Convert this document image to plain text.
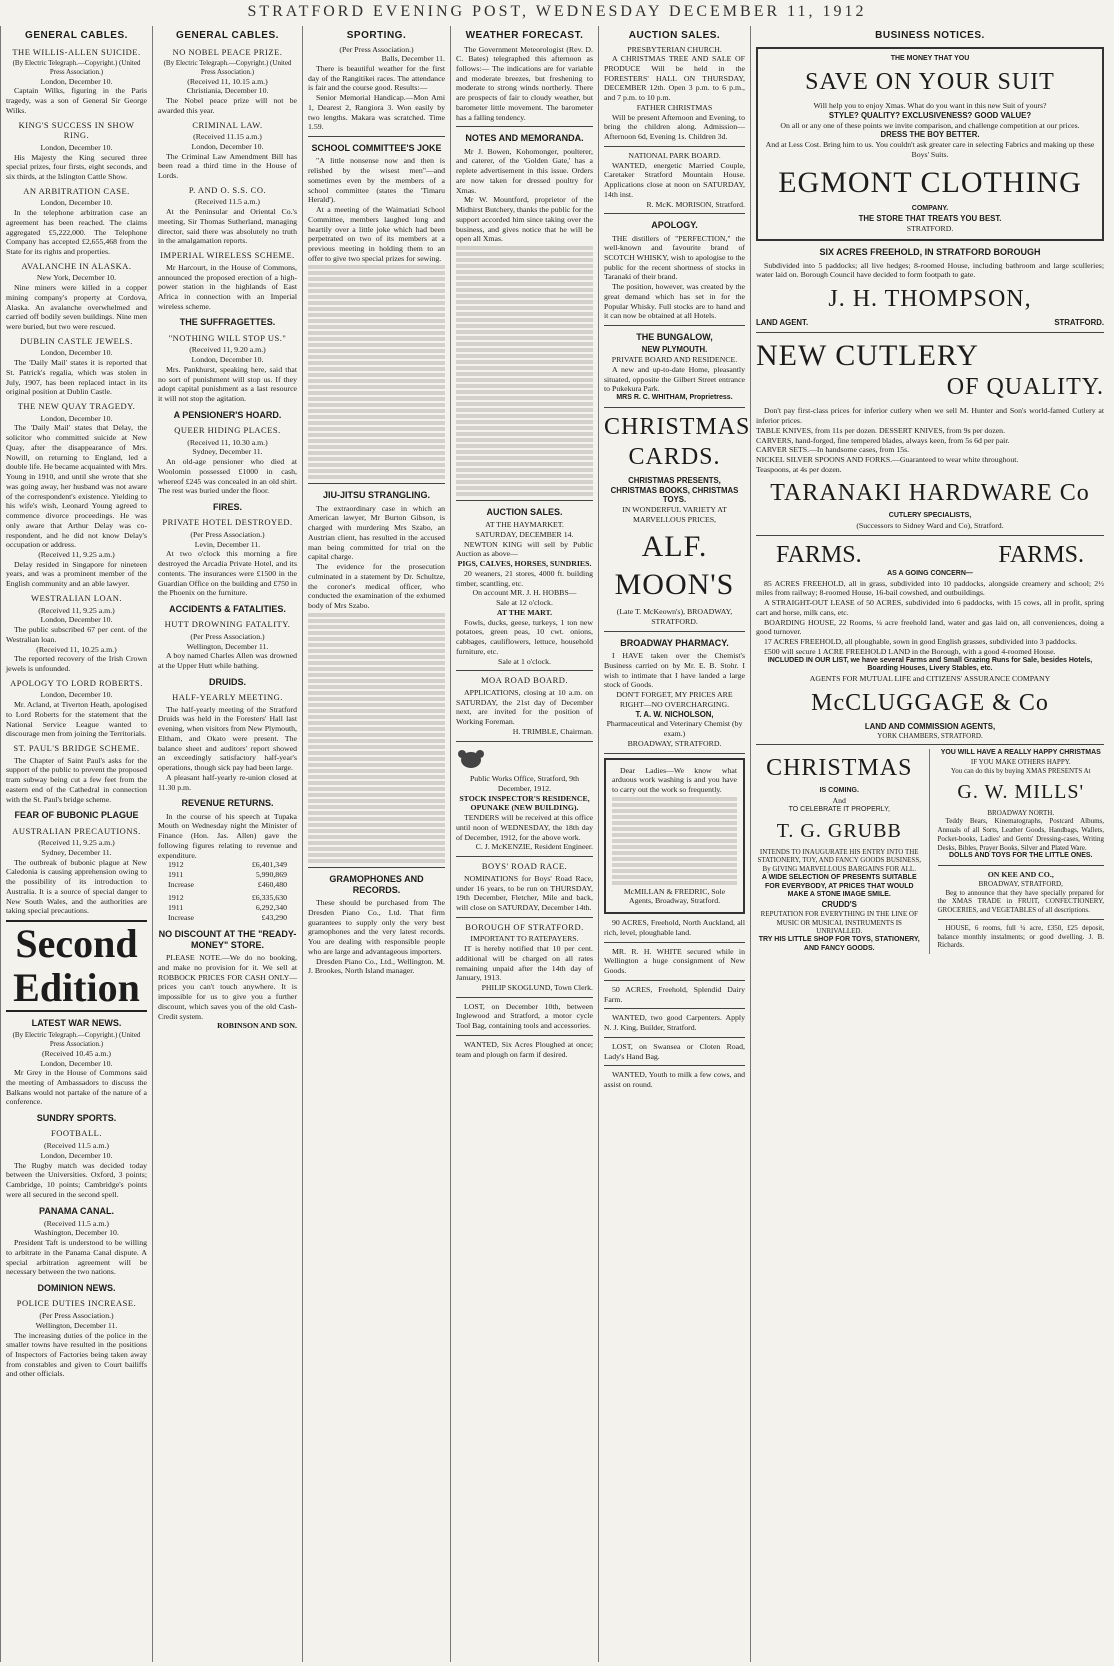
STRATFORD EVENING POST, WEDNESDAY DECEMBER 11, 1912
GENERAL CABLES.
THE WILLIS-ALLEN SUICIDE.
(By Electric Telegraph.—Copyright.) (United Press Association.)
London, December 10.

Captain Wilks, figuring in the Paris tragedy, was a son of General Sir George Wilks.

KING'S SUCCESS IN SHOW RING.
London, December 10.

His Majesty the King secured three special prizes, four firsts, eight seconds, and six thirds, at the Islington Cattle Show.

AN ARBITRATION CASE.
London, December 10.

In the telephone arbitration case an agreement has been reached. The claims aggregated £5,222,000. The Telephone Company has accepted £2,655,468 from the State for its rights and properties.

AVALANCHE IN ALASKA.
New York, December 10.

Nine miners were killed in a copper mining company's property at Cordova, Alaska. An avalanche overwhelmed and carried off bodily seven buildings. Nine men were buried, but two were rescued.

DUBLIN CASTLE JEWELS.
London, December 10.

The 'Daily Mail' states it is reported that St. Patrick's regalia, which was stolen in July, 1907, has been replaced intact in its original position at Dublin Castle.

THE NEW QUAY TRAGEDY.
London, December 10.

The 'Daily Mail' states that Delay, the solicitor who committed suicide at New Quay, after the disappearance of Mrs. Nowill, on returning to England, led a double life. He became acquainted with Mrs. Young in 1910, and until she wrote that she was going away, her husband was not aware of the correspondent's existence. Yielding to his wife's wish, Leonard Young agreed to commence divorce proceedings. He was only aware that Arthur Delay was co-respondent, and he did not know Delay's occupation or address.

(Received 11, 9.25 a.m.)

Delay resided in Singapore for nineteen years, and was a prominent member of the English community and an able lawyer.

WESTRALIAN LOAN.
(Received 11, 9.25 a.m.)
London, December 10.

The public subscribed 67 per cent. of the Westralian loan.

(Received 11, 10.25 a.m.)

The reported recovery of the Irish Crown jewels is unfounded.

APOLOGY TO LORD ROBERTS.
London, December 10.

Mr. Acland, at Tiverton Heath, apologised to Lord Roberts for the statement that the National Service League wanted to discourage men from joining the Territorials.

ST. PAUL'S BRIDGE SCHEME.

The Chapter of Saint Paul's asks for the support of the public to prevent the proposed tram subway being cut a few feet from the eastern end of the Cathedral in connection with the St. Paul's bridge scheme.

FEAR OF BUBONIC PLAGUE
AUSTRALIAN PRECAUTIONS.
(Received 11, 9.25 a.m.)
Sydney, December 11.

The outbreak of bubonic plague at New Caledonia is causing apprehension owing to the possibility of its introduction to Australia. It is a source of special danger to New South Wales, and the authorities are taking special precautions.

Second Edition
LATEST WAR NEWS.
(By Electric Telegraph.—Copyright.) (United Press Association.)
(Received 10.45 a.m.)
London, December 10.

Mr Grey in the House of Commons said the meeting of Ambassadors to discuss the Balkans would not partake of the nature of a conference.

SUNDRY SPORTS.
FOOTBALL.
(Received 11.5 a.m.)
London, December 10.

The Rugby match was decided today between the Universities. Oxford, 3 points; Cambridge, 10 points; Cambridge's points were all secured in the second spell.

PANAMA CANAL.
(Received 11.5 a.m.)
Washington, December 10.

President Taft is understood to be willing to arbitrate in the Panama Canal dispute. A special arbitration agreement will be necessary between the two nations.

DOMINION NEWS.
POLICE DUTIES INCREASE.
(Per Press Association.)
Wellington, December 11.

The increasing duties of the police in the smaller towns have resulted in the positions of Inspectors of Factories being taken away from constables and given to Court bailiffs and other officials.

GENERAL CABLES.
NO NOBEL PEACE PRIZE.
(By Electric Telegraph.—Copyright.) (United Press Association.)
(Received 11, 10.15 a.m.)
Christiania, December 10.

The Nobel peace prize will not be awarded this year.

CRIMINAL LAW.
(Received 11.15 a.m.)
London, December 10.

The Criminal Law Amendment Bill has been read a third time in the House of Lords.

P. AND O. S.S. CO.
(Received 11.5 a.m.)

At the Peninsular and Oriental Co.'s meeting, Sir Thomas Sutherland, managing director, said there was absolutely no truth in the amalgamation reports.

IMPERIAL WIRELESS SCHEME.

Mr Harcourt, in the House of Commons, announced the proposed erection of a high-power station in the highlands of East Africa in connection with an Imperial wireless scheme.

THE SUFFRAGETTES.
"NOTHING WILL STOP US."
(Received 11, 9.20 a.m.)
London, December 10.

Mrs. Pankhurst, speaking here, said that no sort of punishment will stop us. If they adopt capital punishment as a last resource it will not stop the agitation.

A PENSIONER'S HOARD.
QUEER HIDING PLACES.
(Received 11, 10.30 a.m.)
Sydney, December 11.

An old-age pensioner who died at Woolomin possessed £1000 in cash, whereof £245 was concealed in an old shirt. The rest was buried under the floor.

FIRES.
PRIVATE HOTEL DESTROYED.
(Per Press Association.)
Levin, December 11.

At two o'clock this morning a fire destroyed the Arcadia Private Hotel, and its contents. The insurances were £1500 in the Guardian Office on the building and £750 in the Phoenix on the furniture.

ACCIDENTS & FATALITIES.
HUTT DROWNING FATALITY.
(Per Press Association.)
Wellington, December 11.

A boy named Charles Allen was drowned at the Upper Hutt while bathing.

DRUIDS.
HALF-YEARLY MEETING.

The half-yearly meeting of the Stratford Druids was held in the Foresters' Hall last evening, when visitors from New Plymouth, Eltham, and Okato were present. The balance sheet and auditors' report showed an exceedingly satisfactory half-year's operations, though sick pay had been large.

A pleasant half-yearly re-union closed at 11.30 p.m.

REVENUE RETURNS.

In the course of his speech at Tupaka Mouth on Wednesday night the Minister of Finance (Hon. Jas. Allen) gave the following figures relating to revenue and expenditure.

1912	£6,401,349
1911	5,990,869
Increase	£460,480
1912	£6,335,630
1911	6,292,340
Increase	£43,290
NO DISCOUNT AT THE "READY-MONEY" STORE.

PLEASE NOTE.—We do no booking, and make no provision for it. We sell at ROBBOCK PRICES FOR CASH ONLY—prices you can't touch anywhere. It is impossible for us to give you a further discount, which saves you of the old Cash-Credit system.

ROBINSON AND SON.
SPORTING.
(Per Press Association.)
Balls, December 11.

There is beautiful weather for the first day of the Rangitikei races. The attendance is fair and the course good. Results:—

Senior Memorial Handicap.—Mon Ami 1, Dearest 2, Rangiora 3. Won easily by two lengths. Makara was scratched. Time 1.59.

SCHOOL COMMITTEE'S JOKE

"A little nonsense now and then is relished by the wisest men"—and sometimes even by the members of a school committee (states the 'Timaru Herald').

At a meeting of the Waimatiati School Committee, members laughed long and heartily over a little joke which had been perpetrated on two of its members at a previous meeting in holding them to an offer to give two special prizes for sewing.

JIU-JITSU STRANGLING.

The extraordinary case in which an American lawyer, Mr Burton Gibson, is charged with murdering Mrs Szabo, an Austrian client, has resulted in the accused man being committed for trial on the capital charge.

The evidence for the prosecution culminated in a statement by Dr. Schultze, the coroner's medical officer, who conducted the examination of the exhumed body of Mrs Szabo.

GRAMOPHONES AND RECORDS.

These should be purchased from The Dresden Piano Co., Ltd. That firm guarantees to supply only the very best gramophones and the very latest records. You are dealing with responsible people who are large and advantageous importers.

Dresden Piano Co., Ltd., Wellington. M. J. Brookes, North Island manager.

WEATHER FORECAST.

The Government Meteorologist (Rev. D. C. Bates) telegraphed this afternoon as follows:— The indications are for variable and moderate breezes, but freshening to moderate to strong winds northerly. There are prospects of fair to cloudy weather, but barometer little movement. The barometer has a falling tendency.

NOTES AND MEMORANDA.

Mr J. Bowen, Kohomonger, poulterer, and caterer, of the 'Golden Gate,' has a replete advertisement in this issue. Orders are now taken for dressed poultry for Xmas.

Mr W. Mountford, proprietor of the Midhirst Butchery, thanks the public for the support accorded him since taking over the business, and gives notice that he will be open all Xmas.

AUCTION SALES.
AT THE HAYMARKET.
SATURDAY, DECEMBER 14.

NEWTON KING will sell by Public Auction as above—

PIGS, CALVES, HORSES, SUNDRIES.

20 weaners, 21 stores, 4000 ft. building timber, scantling, etc.

On account MR. J. H. HOBBS—
Sale at 12 o'clock.
AT THE MART.

Fowls, ducks, geese, turkeys, 1 ton new potatoes, green peas, 10 cwt. onions, cabbages, cauliflowers, lettuce, household furniture, etc.

Sale at 1 o'clock.
MOA ROAD BOARD.

APPLICATIONS, closing at 10 a.m. on SATURDAY, the 21st day of December next, are invited for the position of Working Foreman.

H. TRIMBLE, Chairman.
Public Works Office, Stratford, 9th December, 1912.
STOCK INSPECTOR'S RESIDENCE, OPUNAKE (NEW BUILDING).

TENDERS will be received at this office until noon of WEDNESDAY, the 18th day of December, 1912, for the above work.

C. J. McKENZIE, Resident Engineer.
BOYS' ROAD RACE.

NOMINATIONS for Boys' Road Race, under 16 years, to be run on THURSDAY, 19th December, Fletcher, Mile and back, will close on SATURDAY, December 14th.

BOROUGH OF STRATFORD.
IMPORTANT TO RATEPAYERS.

IT is hereby notified that 10 per cent. additional will be charged on all rates remaining unpaid after the 14th day of January, 1913.

PHILIP SKOGLUND, Town Clerk.

LOST, on December 10th, between Inglewood and Stratford, a motor cycle Tool Bag, containing tools and accessories.

WANTED, Six Acres Ploughed at once; team and plough on farm if desired.

AUCTION SALES.
PRESBYTERIAN CHURCH.

A CHRISTMAS TREE AND SALE OF PRODUCE Will be held in the FORESTERS' HALL ON THURSDAY, DECEMBER 12th. Open 3 p.m. to 6 p.m., and 7 p.m. to 10 p.m.

FATHER CHRISTMAS

Will be present Afternoon and Evening, to bring the children along. Admission—Afternoon 6d, Evening 1s. Children 3d.

NATIONAL PARK BOARD.

WANTED, energetic Married Couple, Caretaker Stratford Mountain House. Applications close at noon on SATURDAY, 14th inst.

R. McK. MORISON, Stratford.
APOLOGY.

THE distillers of "PERFECTION," the well-known and favourite brand of SCOTCH WHISKY, wish to apologise to the public for the recent shortness of stocks in Taranaki of their brand.

The position, however, was created by the great demand which has set in for the Popular Whisky. Full stocks are to hand and it can now be obtained at all Hotels.

THE BUNGALOW,
NEW PLYMOUTH.
PRIVATE BOARD AND RESIDENCE.

A new and up-to-date Home, pleasantly situated, opposite the Gilbert Street entrance to Pukekura Park.

MRS R. C. WHITHAM, Proprietress.
CHRISTMAS CARDS.
CHRISTMAS PRESENTS, CHRISTMAS BOOKS, CHRISTMAS TOYS.
IN WONDERFUL VARIETY AT MARVELLOUS PRICES,
ALF. MOON'S
(Late T. McKeown's), BROADWAY, STRATFORD.
BROADWAY PHARMACY.

I HAVE taken over the Chemist's Business carried on by Mr. E. B. Stohr. I wish to intimate that I have landed a large stock of Goods.

DON'T FORGET, MY PRICES ARE RIGHT—NO OVERCHARGING.
T. A. W. NICHOLSON,
Pharmaceutical and Veterinary Chemist (by exam.)
BROADWAY, STRATFORD.

Dear Ladies—We know what arduous work washing is and you have to carry out the work so frequently.

McMILLAN & FREDRIC, Sole Agents, Broadway, Stratford.

90 ACRES, Freehold, North Auckland, all rich, level, ploughable land.

MR. R. H. WHITE secured while in Wellington a huge consignment of New Goods.

50 ACRES, Freehold, Splendid Dairy Farm.

WANTED, two good Carpenters. Apply N. J. King, Builder, Stratford.

LOST, on Swansea or Cloten Road, Lady's Hand Bag.

WANTED, Youth to milk a few cows, and assist on round.

BUSINESS NOTICES.
THE MONEY THAT YOU
SAVE ON YOUR SUIT
Will help you to enjoy Xmas. What do you want in this new Suit of yours?
STYLE? QUALITY? EXCLUSIVENESS? GOOD VALUE?
On all or any one of these points we invite comparison, and challenge competition at our prices.
DRESS THE BOY BETTER.
And at Less Cost. Bring him to us. You couldn't ask greater care in selecting Fabrics and making up these Boys' Suits.
EGMONT CLOTHING
COMPANY.
THE STORE THAT TREATS YOU BEST.
STRATFORD.
SIX ACRES FREEHOLD, IN STRATFORD BOROUGH

Subdivided into 5 paddocks; all live hedges; 8-roomed House, including bathroom and large sculleries; water laid on. Borough Council have decided to form footpath to gate.

J. H. THOMPSON,
LAND AGENT.	STRATFORD.
NEW CUTLERY
OF QUALITY.

Don't pay first-class prices for inferior cutlery when we sell M. Hunter and Son's world-famed Cutlery at inferior prices.

TABLE KNIVES, from 11s per dozen. DESSERT KNIVES, from 9s per dozen.
CARVERS, hand-forged, fine tempered blades, always keen, from 5s 6d per pair.
CARVER SETS.—In handsome cases, from 15s.
NICKEL SILVER SPOONS AND FORKS.—Guaranteed to wear white throughout.
Teaspoons, at 4s per dozen.
TARANAKI HARDWARE Co
CUTLERY SPECIALISTS,
(Successors to Sidney Ward and Co), Stratford.
FARMS.	FARMS.
AS A GOING CONCERN—

85 ACRES FREEHOLD, all in grass, subdivided into 10 paddocks, alongside creamery and school; 2½ miles from railway; 8-roomed House, 16-bail cowshed, and outbuildings.

A STRAIGHT-OUT LEASE of 50 ACRES, subdivided into 6 paddocks, with 15 cows, all in profit, spring cart and horse, milk cans, etc.

BOARDING HOUSE, 22 Rooms, ¼ acre freehold land, water and gas laid on, all conveniences, doing a good turnover.

17 ACRES FREEHOLD, all ploughable, sown in good English grasses, subdivided into 3 paddocks.

£500 will secure 1 ACRE FREEHOLD LAND in the Borough, with a good 4-roomed House.

INCLUDED IN OUR LIST, we have several Farms and Small Grazing Runs for Sale, besides Hotels, Boarding Houses, Livery Stables, etc.
AGENTS FOR MUTUAL LIFE and CITIZENS' ASSURANCE COMPANY
McCLUGGAGE & Co
LAND AND COMMISSION AGENTS,
YORK CHAMBERS, STRATFORD.
CHRISTMAS
IS COMING.
And
TO CELEBRATE IT PROPERLY,
T. G. GRUBB
INTENDS TO INAUGURATE HIS ENTRY INTO THE STATIONERY, TOY, AND FANCY GOODS BUSINESS, By GIVING MARVELLOUS BARGAINS FOR ALL.
A WIDE SELECTION OF PRESENTS SUITABLE FOR EVERYBODY, AT PRICES THAT WOULD MAKE A STONE IMAGE SMILE.
CRUDD'S
REPUTATION FOR EVERYTHING IN THE LINE OF MUSIC OR MUSICAL INSTRUMENTS IS UNRIVALLED.
TRY HIS LITTLE SHOP FOR TOYS, STATIONERY, AND FANCY GOODS.
YOU WILL HAVE A REALLY HAPPY CHRISTMAS
IF YOU MAKE OTHERS HAPPY.
You can do this by buying XMAS PRESENTS At
G. W. MILLS'
BROADWAY NORTH.

Teddy Bears, Kinematographs, Postcard Albums, Annuals of all Sorts, Leather Goods, Handbags, Wallets, Pocket-books, Ladies' and Gents' Dressing-cases, Writing Desks, Bibles, Prayer Books, Silver and Plated Ware.

DOLLS AND TOYS FOR THE LITTLE ONES.
ON KEE AND CO.,
BROADWAY, STRATFORD,

Beg to announce that they have specially prepared for the XMAS TRADE in FRUIT, CONFECTIONERY, GROCERIES, and VEGETABLES of all descriptions.

HOUSE, 6 rooms, full ¼ acre, £350, £25 deposit, balance monthly instalments; or good dwelling. J. B. Richards.
